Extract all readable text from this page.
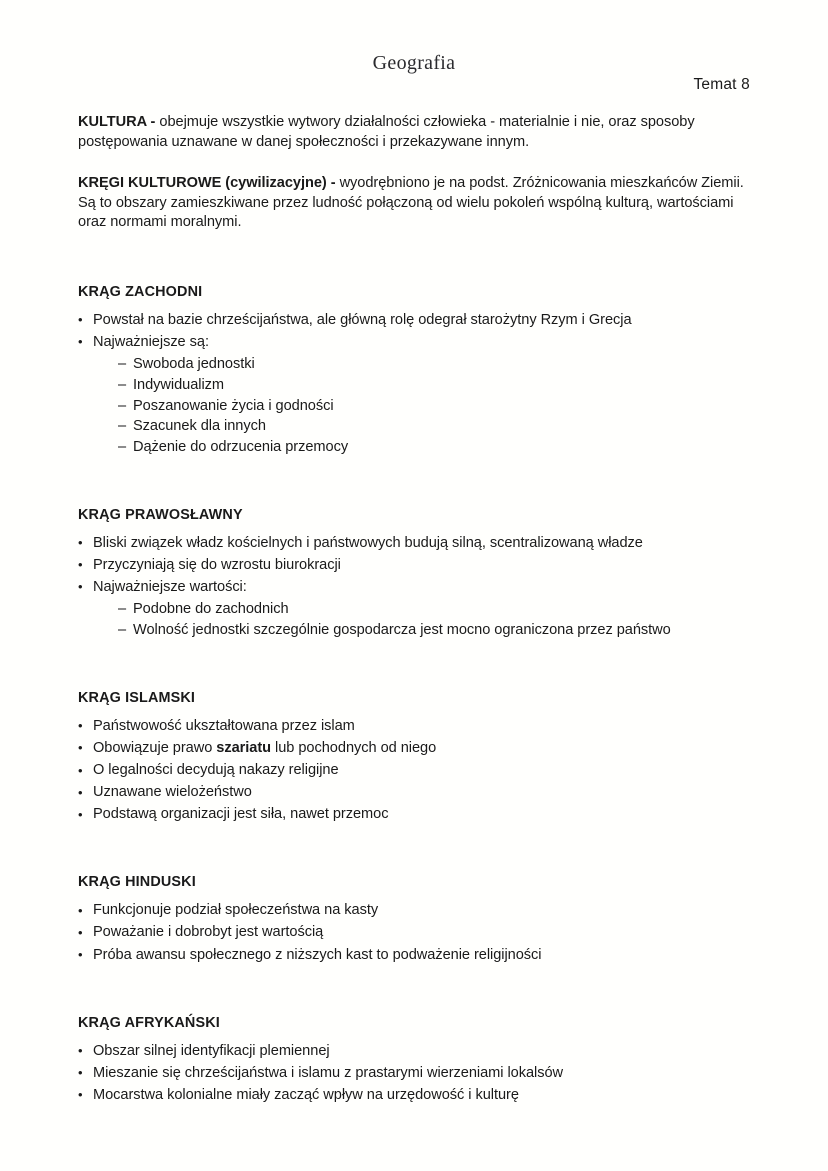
Geografia
Temat 8

KULTURA - obejmuje wszystkie wytwory działalności człowieka - materialnie i nie, oraz sposoby postępowania uznawane w danej społeczności i przekazywane innym.

KRĘGI KULTUROWE (cywilizacyjne) - wyodrębniono je na podst. Zróżnicowania mieszkańców Ziemii. Są to obszary zamieszkiwane przez ludność połączoną od wielu pokoleń wspólną kulturą, wartościami oraz normami moralnymi.

KRĄG ZACHODNI
• Powstał na bazie chrześcijaństwa, ale główną rolę odegrał starożytny Rzym i Grecja
• Najważniejsze są:
– Swoboda jednostki
– Indywidualizm
– Poszanowanie życia i godności
– Szacunek dla innych
– Dążenie do odrzucenia przemocy
KRĄG PRAWOSŁAWNY
• Bliski związek władz kościelnych i państwowych budują silną, scentralizowaną władze
• Przyczyniają się do wzrostu biurokracji
• Najważniejsze wartości:
– Podobne do zachodnich
– Wolność jednostki szczególnie gospodarcza jest mocno ograniczona przez państwo
KRĄG ISLAMSKI
• Państwowość ukształtowana przez islam
• Obowiązuje prawo szariatu lub pochodnych od niego
• O legalności decydują nakazy religijne
• Uznawane wielożeństwo
• Podstawą organizacji jest siła, nawet przemoc
KRĄG HINDUSKI
• Funkcjonuje podział społeczeństwa na kasty
• Poważanie i dobrobyt jest wartością
• Próba awansu społecznego z niższych kast to podważenie religijności
KRĄG AFRYKAŃSKI
• Obszar silnej identyfikacji plemiennej
• Mieszanie się chrześcijaństwa i islamu z prastarymi wierzeniami lokalsów
• Mocarstwa kolonialne miały zacząć wpływ na urzędowość i kulturę
